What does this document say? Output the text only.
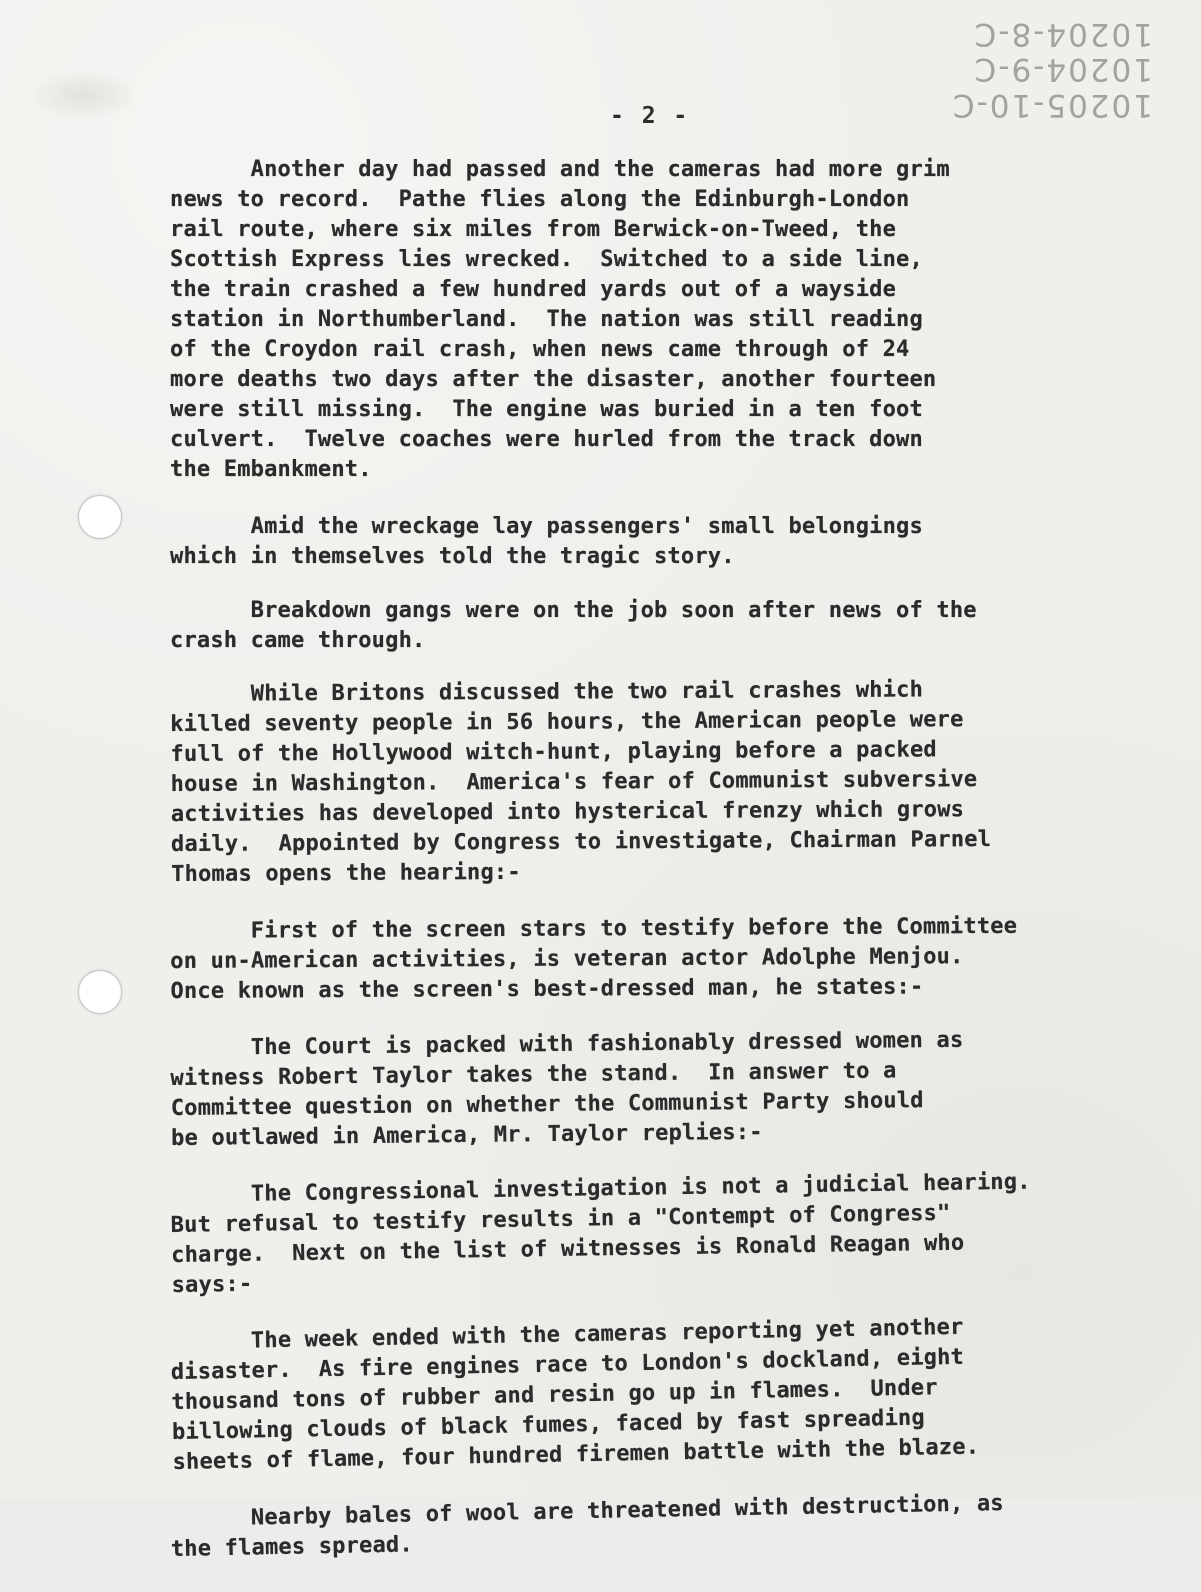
10205-10-C
10204-9-C
10204-8-C
- 2 -
Another day had passed and the cameras had more grim
news to record.  Pathe flies along the Edinburgh-London
rail route, where six miles from Berwick-on-Tweed, the
Scottish Express lies wrecked.  Switched to a side line,
the train crashed a few hundred yards out of a wayside
station in Northumberland.  The nation was still reading
of the Croydon rail crash, when news came through of 24
more deaths two days after the disaster, another fourteen
were still missing.  The engine was buried in a ten foot
culvert.  Twelve coaches were hurled from the track down
the Embankment.
Amid the wreckage lay passengers' small belongings
which in themselves told the tragic story.
Breakdown gangs were on the job soon after news of the
crash came through.
While Britons discussed the two rail crashes which
killed seventy people in 56 hours, the American people were
full of the Hollywood witch-hunt, playing before a packed
house in Washington.  America's fear of Communist subversive
activities has developed into hysterical frenzy which grows
daily.  Appointed by Congress to investigate, Chairman Parnel
Thomas opens the hearing:-
First of the screen stars to testify before the Committee
on un-American activities, is veteran actor Adolphe Menjou.
Once known as the screen's best-dressed man, he states:-
The Court is packed with fashionably dressed women as
witness Robert Taylor takes the stand.  In answer to a
Committee question on whether the Communist Party should
be outlawed in America, Mr. Taylor replies:-
The Congressional investigation is not a judicial hearing.
But refusal to testify results in a "Contempt of Congress"
charge.  Next on the list of witnesses is Ronald Reagan who
says:-
The week ended with the cameras reporting yet another
disaster.  As fire engines race to London's dockland, eight
thousand tons of rubber and resin go up in flames.  Under
billowing clouds of black fumes, faced by fast spreading
sheets of flame, four hundred firemen battle with the blaze.
Nearby bales of wool are threatened with destruction, as
the flames spread.
